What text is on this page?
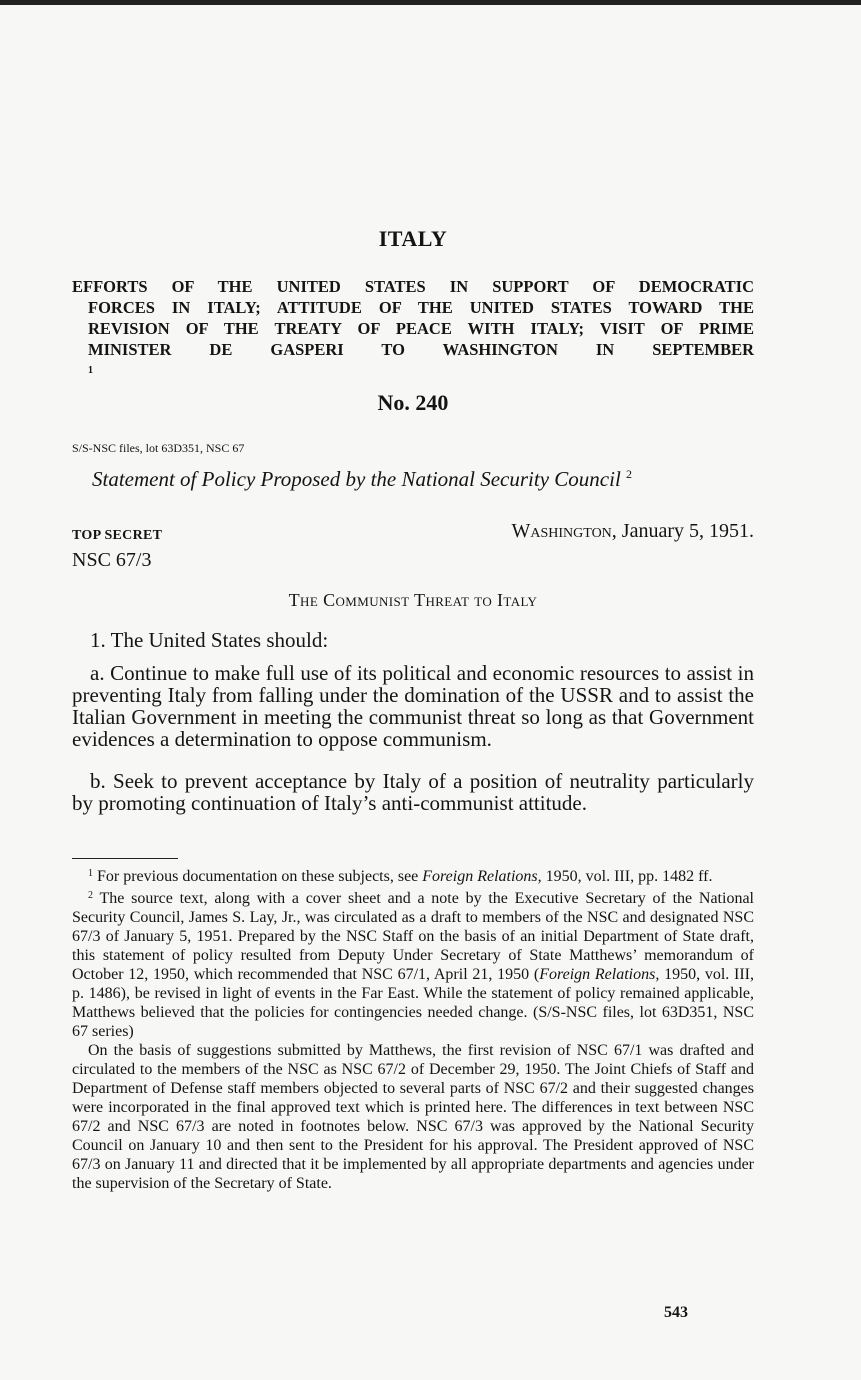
ITALY
EFFORTS OF THE UNITED STATES IN SUPPORT OF DEMOCRATIC
FORCES IN ITALY; ATTITUDE OF THE UNITED STATES TOWARD THE
REVISION OF THE TREATY OF PEACE WITH ITALY; VISIT OF PRIME
MINISTER DE GASPERI TO WASHINGTON IN SEPTEMBER
$^1$
No. 240
S/S-NSC files, lot 63D351, NSC 67
Statement of Policy Proposed by the National Security Council $^2$
TOP SECRET	Washington, January 5, 1951.
NSC 67/3
The Communist Threat to Italy
1. The United States should:
a. Continue to make full use of its political and economic resources to assist in preventing Italy from falling under the domination of the USSR and to assist the Italian Government in meeting the communist threat so long as that Government evidences a determination to oppose communism.
b. Seek to prevent acceptance by Italy of a position of neutrality particularly by promoting continuation of Italy’s anti-communist attitude.

$^1$ For previous documentation on these subjects, see Foreign Relations, 1950, vol. III, pp. 1482 ff.

$^2$ The source text, along with a cover sheet and a note by the Executive Secretary of the National Security Council, James S. Lay, Jr., was circulated as a draft to members of the NSC and designated NSC 67/3 of January 5, 1951. Prepared by the NSC Staff on the basis of an initial Department of State draft, this statement of policy resulted from Deputy Under Secretary of State Matthews’ memorandum of October 12, 1950, which recommended that NSC 67/1, April 21, 1950 (Foreign Relations, 1950, vol. III, p. 1486), be revised in light of events in the Far East. While the statement of policy remained applicable, Matthews believed that the policies for contingencies needed change. (S/S-NSC files, lot 63D351, NSC 67 series)

On the basis of suggestions submitted by Matthews, the first revision of NSC 67/1 was drafted and circulated to the members of the NSC as NSC 67/2 of December 29, 1950. The Joint Chiefs of Staff and Department of Defense staff members objected to several parts of NSC 67/2 and their suggested changes were incorporated in the final approved text which is printed here. The differences in text between NSC 67/2 and NSC 67/3 are noted in footnotes below. NSC 67/3 was approved by the National Security Council on January 10 and then sent to the President for his approval. The President approved of NSC 67/3 on January 11 and directed that it be implemented by all appropriate departments and agencies under the supervision of the Secretary of State.

543
